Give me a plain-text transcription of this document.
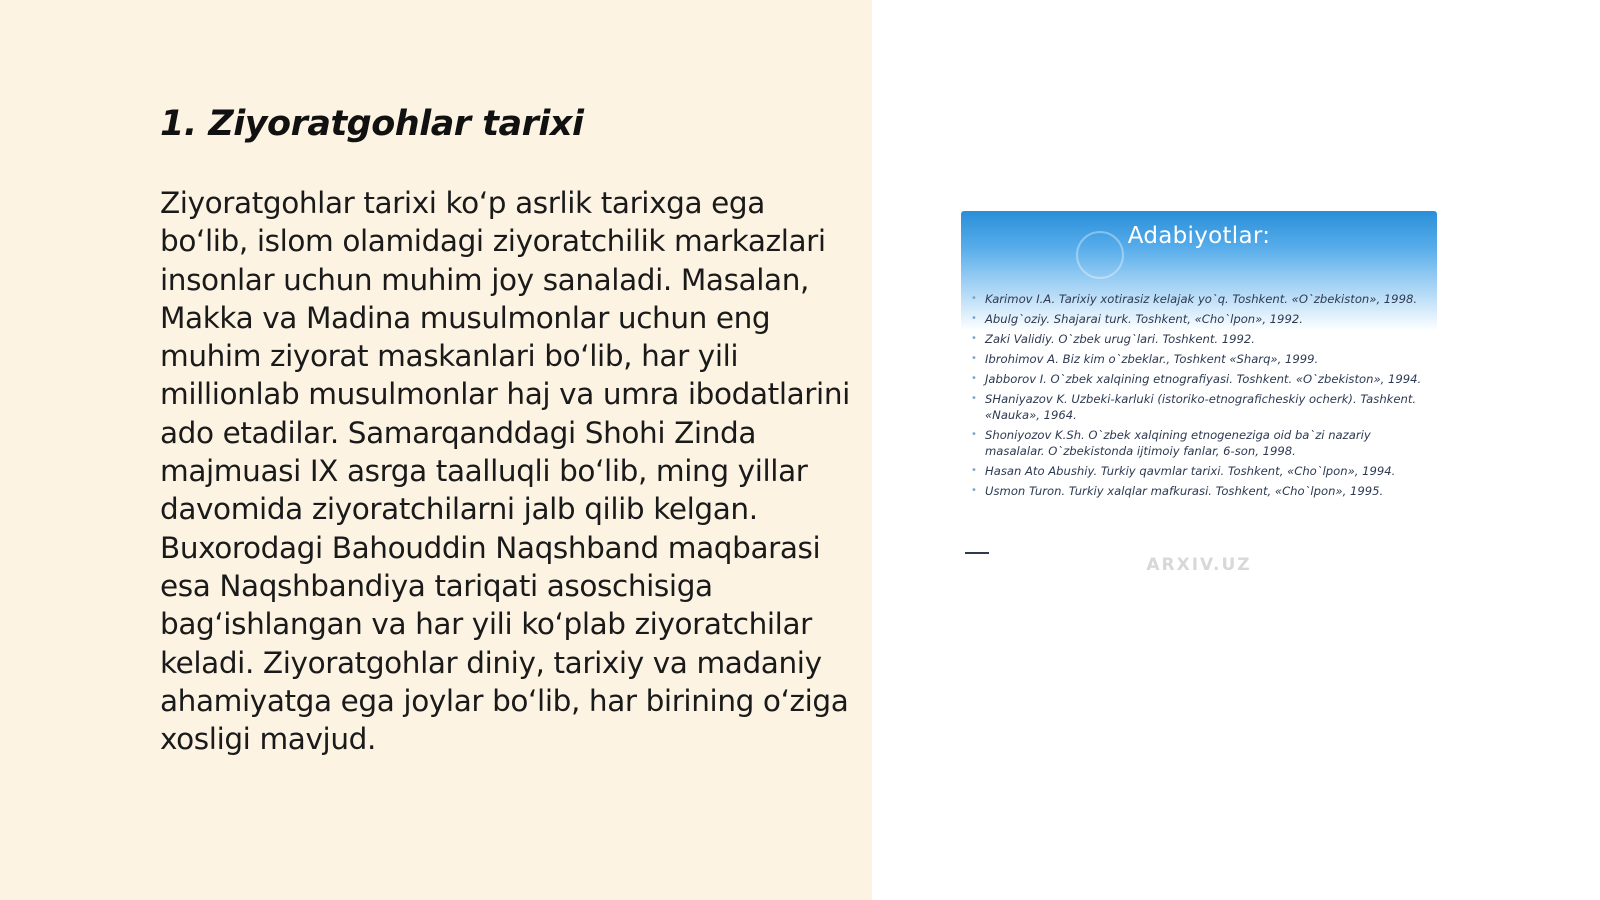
1. Ziyoratgohlar tarixi

Ziyoratgohlar tarixi ko‘p asrlik tarixga ega bo‘lib, islom olamidagi ziyoratchilik markazlari insonlar uchun muhim joy sanaladi. Masalan, Makka va Madina musulmonlar uchun eng muhim ziyorat maskanlari bo‘lib, har yili millionlab musulmonlar haj va umra ibodatlarini ado etadilar. Samarqanddagi Shohi Zinda majmuasi IX asrga taalluqli bo‘lib, ming yillar davomida ziyoratchilarni jalb qilib kelgan. Buxorodagi Bahouddin Naqshband maqbarasi esa Naqshbandiya tariqati asoschisiga bag‘ishlangan va har yili ko‘plab ziyoratchilar keladi. Ziyoratgohlar diniy, tarixiy va madaniy ahamiyatga ega joylar bo‘lib, har birining o‘ziga xosligi mavjud.

Adabiyotlar:
• Karimov I.A. Tarixiy xotirasiz kelajak yo`q. Toshkent. «O`zbekiston», 1998.
• Abulg`oziy. Shajarai turk. Toshkent, «Cho`lpon», 1992.
• Zaki Validiy. O`zbek urug`lari. Toshkent. 1992.
• Ibrohimov A. Biz kim o`zbeklar., Toshkent «Sharq», 1999.
• Jabborov I. O`zbek xalqining etnografiyasi. Toshkent. «O`zbekiston», 1994.
• SHaniyazov K. Uzbeki-karluki (istoriko-etnograficheskiy ocherk). Tashkent. «Nauka», 1964.
• Shoniyozov K.Sh. O`zbek xalqining etnogeneziga oid ba`zi nazariy masalalar. O`zbekistonda ijtimoiy fanlar, 6-son, 1998.
• Hasan Ato Abushiy. Turkiy qavmlar tarixi. Toshkent, «Cho`lpon», 1994.
• Usmon Turon. Turkiy xalqlar mafkurasi. Toshkent, «Cho`lpon», 1995.
ARXIV.UZ
